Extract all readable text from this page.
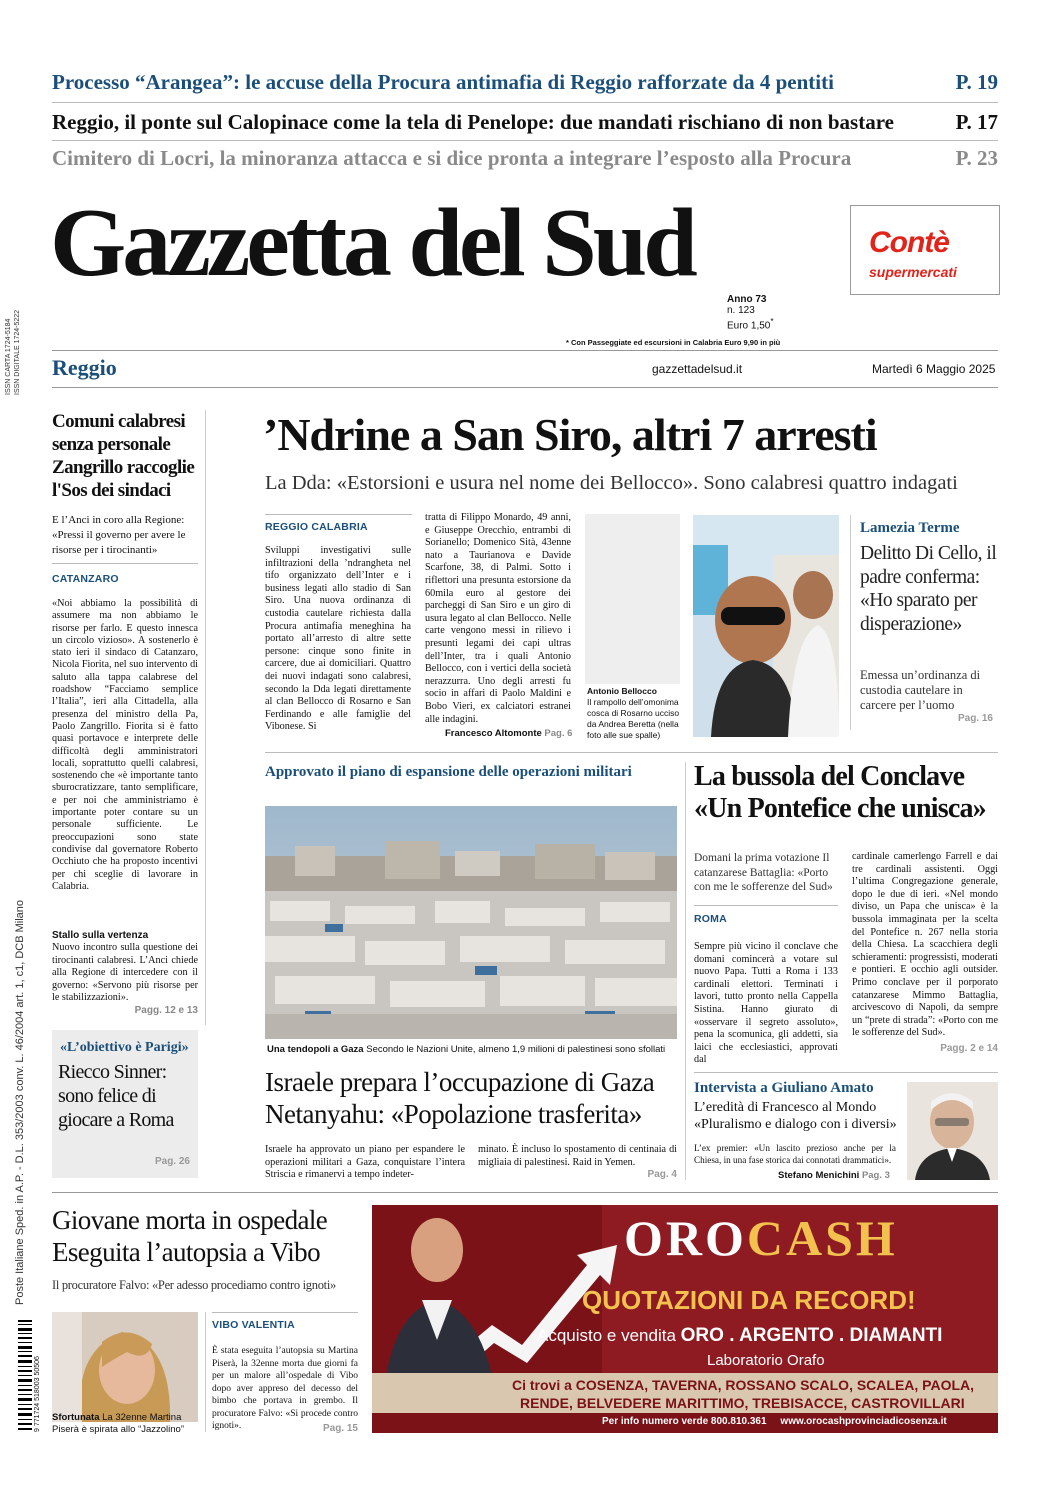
Processo “Arangea”: le accuse della Procura antimafia di Reggio rafforzate da 4 pentiti	P. 19
Reggio, il ponte sul Calopinace come la tela di Penelope: due mandati rischiano di non bastare	P. 17
Cimitero di Locri, la minoranza attacca e si dice pronta a integrare l’esposto alla Procura	P. 23
Gazzetta del Sud	Contè
supermercati
Anno 73
n. 123
Euro 1,50*
* Con Passeggiate ed escursioni in Calabria Euro 9,90 in più
Reggio	gazzettadelsud.it	Martedì 6 Maggio 2025
ISSN CARTA 1724-5184 ISSN DIGITALE 1724-5222
Poste Italiane Sped. in A.P. - D.L. 353/2003 conv. L. 46/2004 art. 1, c1, DCB Milano
9 771724 518003 50506
Comuni calabresi senza personale Zangrillo raccoglie l'Sos dei sindaci
E l’Anci in coro alla Regione: «Pressi il governo per avere le risorse per i tirocinanti»
CATANZARO
«Noi abbiamo la possibilità di assumere ma non abbiamo le risorse per farlo. E questo innesca un circolo vizioso». A sostenerlo è stato ieri il sindaco di Catanzaro, Nicola Fiorita, nel suo intervento di saluto alla tappa calabrese del roadshow “Facciamo semplice l’Italia”, ieri alla Cittadella, alla presenza del ministro della Pa, Paolo Zangrillo. Fiorita si è fatto quasi portavoce e interprete delle difficoltà degli amministratori locali, soprattutto quelli calabresi, sostenendo che «è importante tanto sburocratizzare, tanto semplificare, e per noi che amministriamo è importante poter contare su un personale sufficiente. Le preoccupazioni sono state condivise dal governatore Roberto Occhiuto che ha proposto incentivi per chi sceglie di lavorare in Calabria.
Stallo sulla vertenza
Nuovo incontro sulla questione dei tirocinanti calabresi. L’Anci chiede alla Regione di intercedere con il governo: «Servono più risorse per le stabilizzazioni».
Pagg. 12 e 13
«L’obiettivo è Parigi»
Riecco Sinner: sono felice di giocare a Roma
Pag. 26
’Ndrine a San Siro, altri 7 arresti
La Dda: «Estorsioni e usura nel nome dei Bellocco». Sono calabresi quattro indagati
REGGIO CALABRIA
Sviluppi investigativi sulle infiltrazioni della ’ndrangheta nel tifo organizzato dell’Inter e i business legati allo stadio di San Siro. Una nuova ordinanza di custodia cautelare richiesta dalla Procura antimafia meneghina ha portato all’arresto di altre sette persone: cinque sono finite in carcere, due ai domiciliari. Quattro dei nuovi indagati sono calabresi, secondo la Dda legati direttamente al clan Bellocco di Rosarno e San Ferdinando e alle famiglie del Vibonese. Si
tratta di Filippo Monardo, 49 anni, e Giuseppe Orecchio, entrambi di Sorianello; Domenico Sità, 43enne nato a Taurianova e Davide Scarfone, 38, di Palmi. Sotto i riflettori una presunta estorsione da 60mila euro al gestore dei parcheggi di San Siro e un giro di usura legato al clan Bellocco. Nelle carte vengono messi in rilievo i presunti legami dei capi ultras dell’Inter, tra i quali Antonio Bellocco, con i vertici della società nerazzurra. Uno degli arresti fu socio in affari di Paolo Maldini e Bobo Vieri, ex calciatori estranei alle indagini.
Francesco Altomonte Pag. 6
Antonio Bellocco
Il rampollo dell’omonima cosca di Rosarno ucciso da Andrea Beretta (nella foto alle sue spalle)
Lamezia Terme
Delitto Di Cello, il padre conferma: «Ho sparato per disperazione»
Emessa un’ordinanza di custodia cautelare in carcere per l’uomo
Pag. 16
Approvato il piano di espansione delle operazioni militari
Una tendopoli a Gaza Secondo le Nazioni Unite, almeno 1,9 milioni di palestinesi sono sfollati
Israele prepara l’occupazione di Gaza Netanyahu: «Popolazione trasferita»
Israele ha approvato un piano per espandere le operazioni militari a Gaza, conquistare l’intera Striscia e rimanervi a tempo indeter-
minato. È incluso lo spostamento di centinaia di migliaia di palestinesi. Raid in Yemen.
Pag. 4
La bussola del Conclave «Un Pontefice che unisca»
Domani la prima votazione Il catanzarese Battaglia: «Porto con me le sofferenze del Sud»
ROMA
Sempre più vicino il conclave che domani comincerà a votare sul nuovo Papa. Tutti a Roma i 133 cardinali elettori. Terminati i lavori, tutto pronto nella Cappella Sistina. Hanno giurato di «osservare il segreto assoluto», pena la scomunica, gli addetti, sia laici che ecclesiastici, approvati dal
cardinale camerlengo Farrell e dai tre cardinali assistenti. Oggi l’ultima Congregazione generale, dopo le due di ieri. «Nel mondo diviso, un Papa che unisca» è la bussola immaginata per la scelta del Pontefice n. 267 nella storia della Chiesa. La scacchiera degli schieramenti: progressisti, moderati e pontieri. E occhio agli outsider. Primo conclave per il porporato catanzarese Mimmo Battaglia, arcivescovo di Napoli, da sempre un “prete di strada”: «Porto con me le sofferenze del Sud».
Pagg. 2 e 14
Intervista a Giuliano Amato
L’eredità di Francesco al Mondo «Pluralismo e dialogo con i diversi»
L’ex premier: «Un lascito prezioso anche per la Chiesa, in una fase storica dai connotati drammatici».
Stefano Menichini Pag. 3
Giovane morta in ospedale Eseguita l’autopsia a Vibo
Il procuratore Falvo: «Per adesso procediamo contro ignoti»
Sfortunata La 32enne Martina Piserà è spirata allo “Jazzolino”
VIBO VALENTIA
È stata eseguita l’autopsia su Martina Piserà, la 32enne morta due giorni fa per un malore all’ospedale di Vibo dopo aver appreso del decesso del bimbo che portava in grembo. Il procuratore Falvo: «Si procede contro ignoti».	Pag. 15
OROCASH
QUOTAZIONI DA RECORD!
Acquisto e vendita ORO . ARGENTO . DIAMANTI
Laboratorio Orafo
Ci trovi a COSENZA, TAVERNA, ROSSANO SCALO, SCALEA, PAOLA,
RENDE, BELVEDERE MARITTIMO, TREBISACCE, CASTROVILLARI
Per info numero verde 800.810.361     www.orocashprovinciadicosenza.it
